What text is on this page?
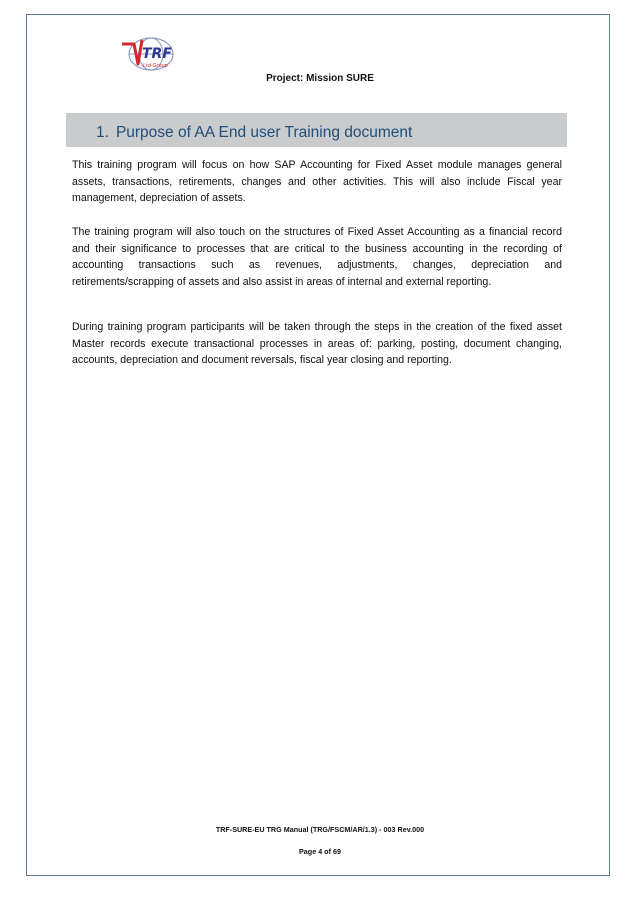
TRF
Ltd·Group
Project: Mission SURE
1. Purpose of AA End user Training document

This training program will focus on how SAP Accounting for Fixed Asset module manages general assets, transactions, retirements, changes and other activities. This will also include Fiscal year management, depreciation of assets.

The training program will also touch on the structures of Fixed Asset Accounting as a financial record and their significance to processes that are critical to the business accounting in the recording of accounting transactions such as revenues, adjustments, changes, depreciation and retirements/scrapping of assets and also assist in areas of internal and external reporting.

During training program participants will be taken through the steps in the creation of the fixed asset Master records execute transactional processes in areas of: parking, posting, document changing, accounts, depreciation and document reversals, fiscal year closing and reporting.

TRF-SURE-EU TRG Manual (TRG/FSCM/AR/1.3) - 003 Rev.000
Page 4 of 69
